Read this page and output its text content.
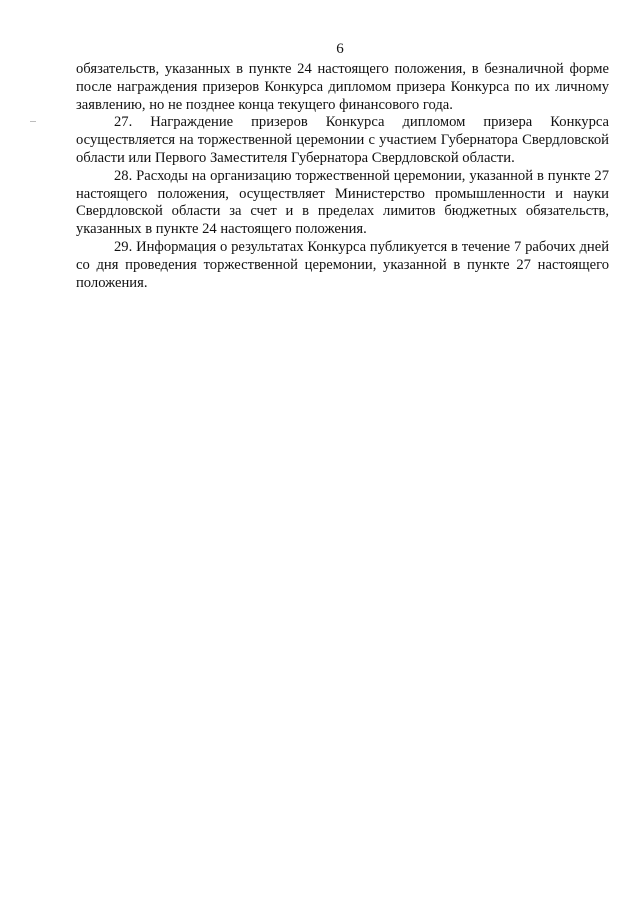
6

обязательств, указанных в пункте 24 настоящего положения, в безналичной форме после награждения призеров Конкурса дипломом призера Конкурса по их личному заявлению, но не позднее конца текущего финансового года.

27. Награждение призеров Конкурса дипломом призера Конкурса осуществляется на торжественной церемонии с участием Губернатора Свердловской области или Первого Заместителя Губернатора Свердловской области.

28. Расходы на организацию торжественной церемонии, указанной в пункте 27 настоящего положения, осуществляет Министерство промышленности и науки Свердловской области за счет и в пределах лимитов бюджетных обязательств, указанных в пункте 24 настоящего положения.

29. Информация о результатах Конкурса публикуется в течение 7 рабочих дней со дня проведения торжественной церемонии, указанной в пункте 27 настоящего положения.
